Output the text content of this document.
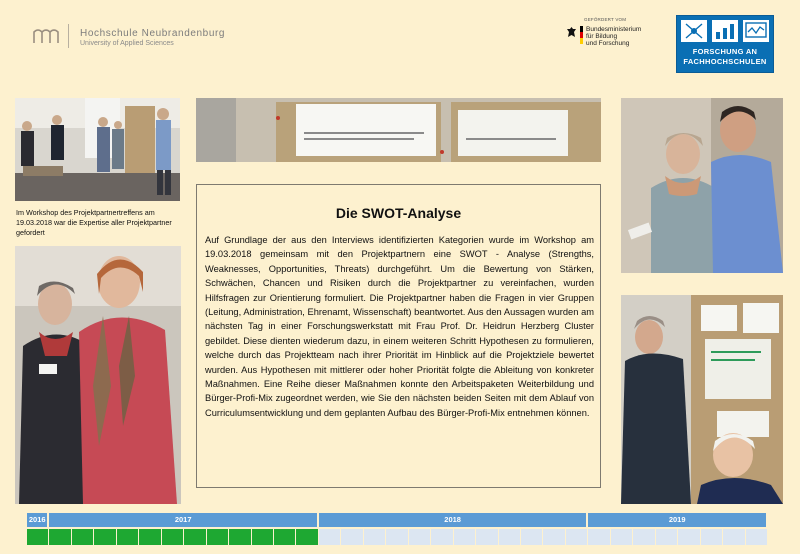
Hochschule Neubrandenburg
University of Applied Sciences
GEFÖRDERT VOM
Bundesministerium
für Bildung
und Forschung
FORSCHUNG AN
FACHHOCHSCHULEN
Im Workshop des Projektpartnertreffens am 19.03.2018 war die Expertise aller Projektpartner gefordert
Die SWOT-Analyse

Auf Grundlage der aus den Interviews identifizierten Kategorien wurde im Workshop am 19.03.2018 gemeinsam mit den Projektpartnern eine SWOT - Analyse (Strengths, Weaknesses, Opportunities, Threats) durchgeführt. Um die Bewertung von Stärken, Schwächen, Chancen und Risiken durch die Projektpartner zu vereinfachen, wurden Hilfsfragen zur Orientierung formuliert. Die Projektpartner haben die Fragen in vier Gruppen (Leitung, Administration, Ehrenamt, Wissenschaft) beantwortet. Aus den Aussagen wurden am nächsten Tag in einer Forschungswerkstatt mit Frau Prof. Dr. Heidrun Herzberg Cluster gebildet. Diese dienten wiederum dazu, in einem weiteren Schritt Hypothesen zu formulieren, welche durch das Projektteam nach ihrer Priorität im Hinblick auf die Projektziele bewertet wurden. Aus Hypothesen mit mittlerer oder hoher Priorität folgte die Ableitung von konkreter Maßnahmen. Eine Reihe dieser Maßnahmen konnte den Arbeitspaketen Weiterbildung und Bürger-Profi-Mix zugeordnet werden, wie Sie den nächsten beiden Seiten mit dem Ablauf von Curriculumsentwicklung und dem geplanten Aufbau des Bürger-Profi-Mix entnehmen können.

2016	2017	2018	2019
